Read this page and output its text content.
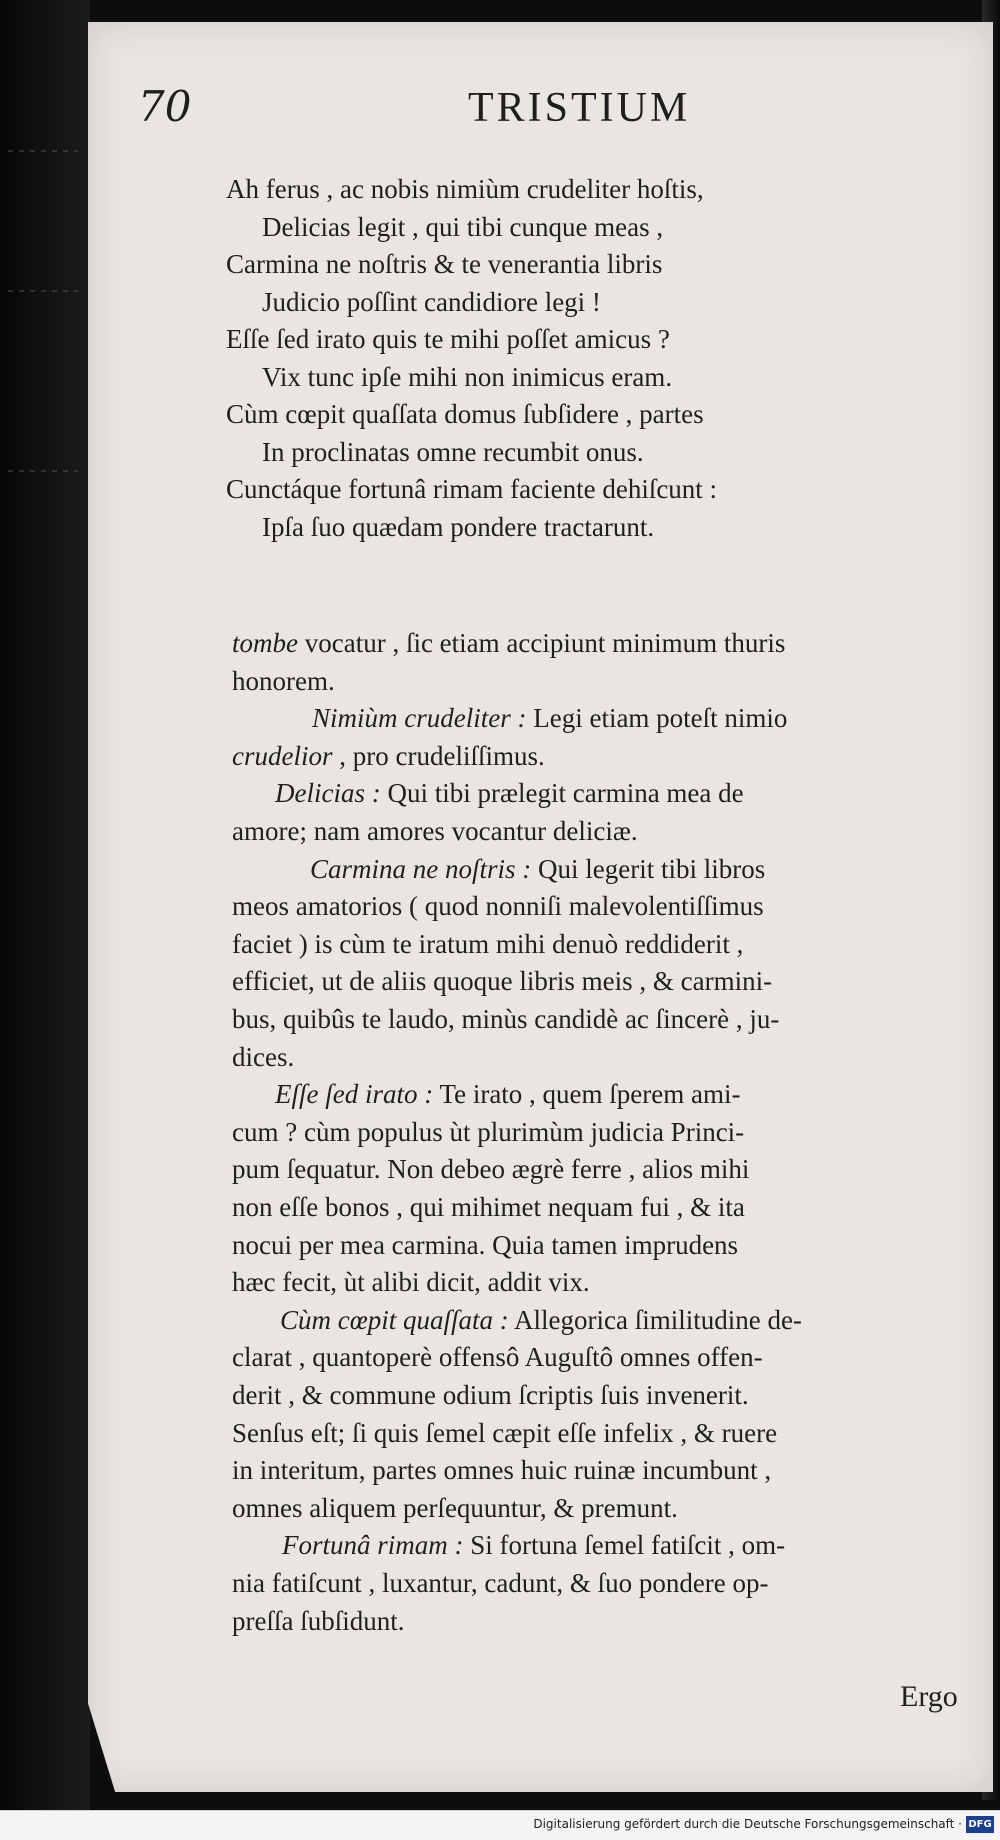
70	TRISTIUM
Ah ferus , ac nobis nimiùm crudeliter hoſtis,
Delicias legit , qui tibi cunque meas ,
Carmina ne noſtris & te venerantia libris
Judicio poſſint candidiore legi !
Eſſe ſed irato quis te mihi poſſet amicus ?
Vix tunc ipſe mihi non inimicus eram.
Cùm cœpit quaſſata domus ſubſidere , partes
In proclinatas omne recumbit onus.
Cunctáque fortunâ rimam faciente dehiſcunt :
Ipſa ſuo quædam pondere tractarunt.
tombe vocatur , ſic etiam accipiunt minimum thuris
honorem.
Nimiùm crudeliter : Legi etiam poteſt nimio
crudelior , pro crudeliſſimus.
Delicias : Qui tibi prælegit carmina mea de
amore; nam amores vocantur deliciæ.
Carmina ne noſtris : Qui legerit tibi libros
meos amatorios ( quod nonniſi malevolentiſſimus
faciet ) is cùm te iratum mihi denuò reddiderit ,
efficiet, ut de aliis quoque libris meis , & carmini-
bus, quibûs te laudo, minùs candidè ac ſincerè , ju-
dices.
Eſſe ſed irato : Te irato , quem ſperem ami-
cum ? cùm populus ùt plurimùm judicia Princi-
pum ſequatur. Non debeo ægrè ferre , alios mihi
non eſſe bonos , qui mihimet nequam fui , & ita
nocui per mea carmina. Quia tamen imprudens
hæc fecit, ùt alibi dicit, addit vix.
Cùm cœpit quaſſata : Allegorica ſimilitudine de-
clarat , quantoperè offensô Auguſtô omnes offen-
derit , & commune odium ſcriptis ſuis invenerit.
Senſus eſt; ſi quis ſemel cæpit eſſe infelix , & ruere
in interitum, partes omnes huic ruinæ incumbunt ,
omnes aliquem perſequuntur, & premunt.
Fortunâ rimam : Si fortuna ſemel fatiſcit , om-
nia fatiſcunt , luxantur, cadunt, & ſuo pondere op-
preſſa ſubſidunt.
Ergo
Digitalisierung gefördert durch die Deutsche Forschungsgemeinschaft · DFG
